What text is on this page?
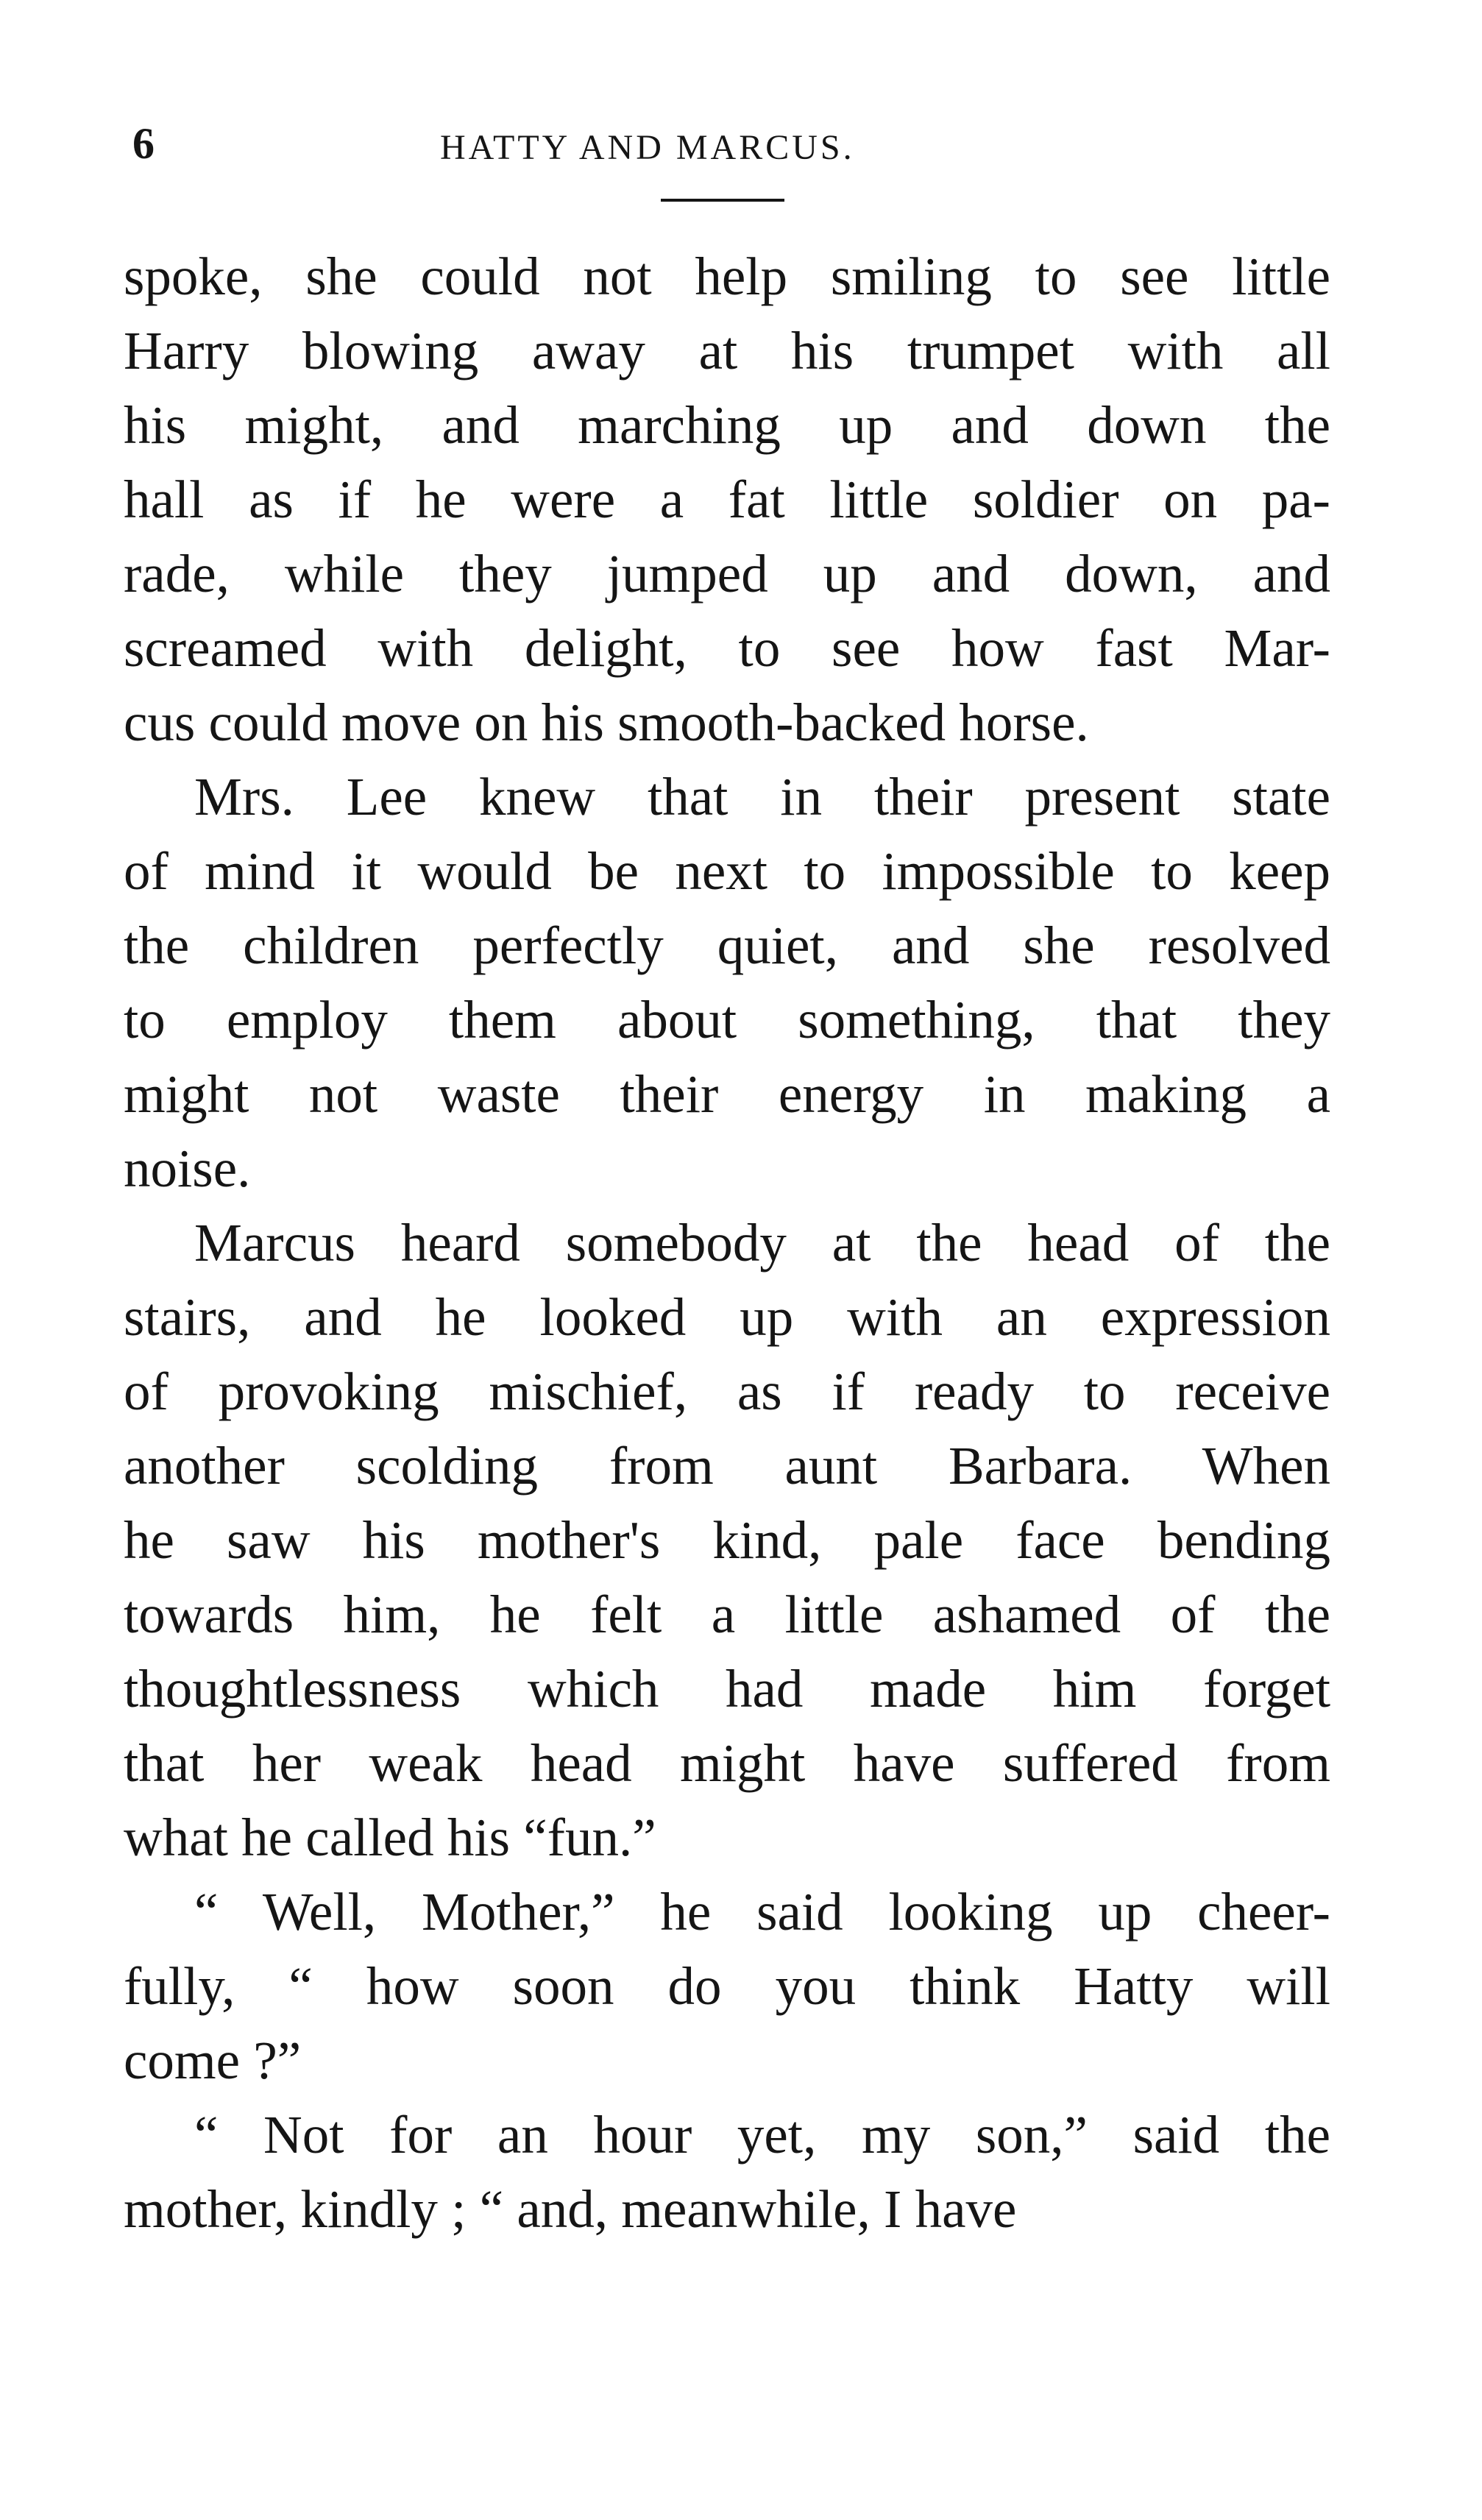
6	HATTY AND MARCUS.
spoke, she could not help smiling to see little
Harry blowing away at his trumpet with all
his might, and marching up and down the
hall as if he were a fat little soldier on pa-
rade, while they jumped up and down, and
screamed with delight, to see how fast Mar-
cus could move on his smooth-backed horse.
Mrs. Lee knew that in their present state
of mind it would be next to impossible to keep
the children perfectly quiet, and she resolved
to employ them about something, that they
might not waste their energy in making a
noise.
Marcus heard somebody at the head of the
stairs, and he looked up with an expression
of provoking mischief, as if ready to receive
another scolding from aunt Barbara. When
he saw his mother's kind, pale face bending
towards him, he felt a little ashamed of the
thoughtlessness which had made him forget
that her weak head might have suffered from
what he called his “fun.”
“ Well, Mother,” he said looking up cheer-
fully, “ how soon do you think Hatty will
come ?”
“ Not for an hour yet, my son,” said the
mother, kindly ; “ and, meanwhile, I have
